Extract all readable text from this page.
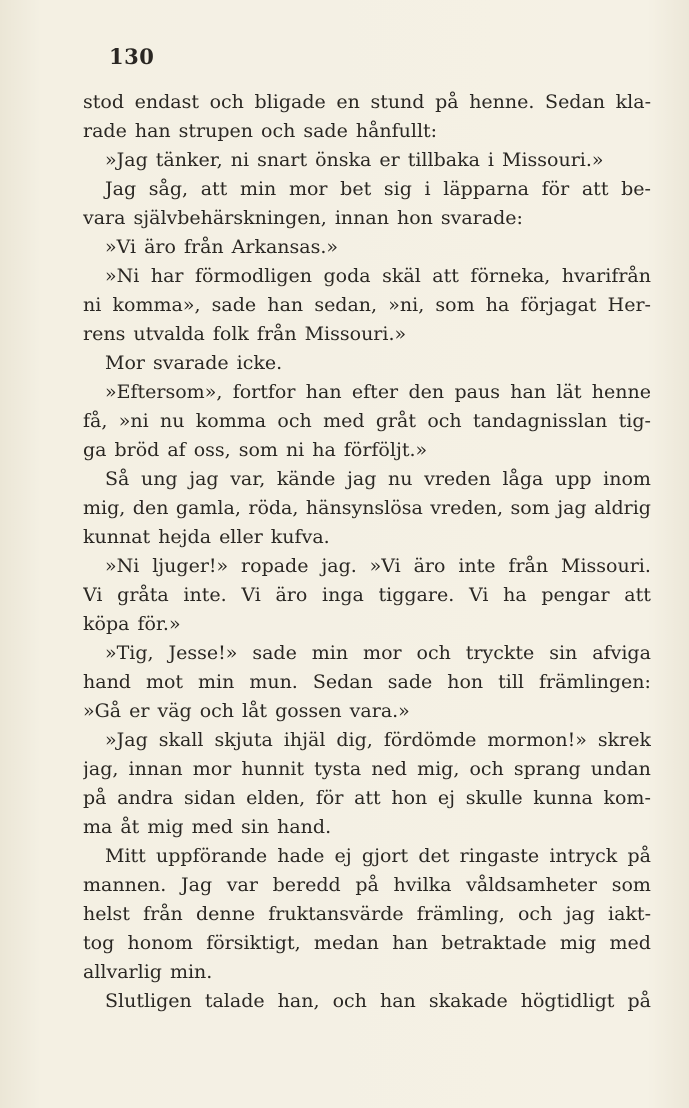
130
stod endast och bligade en stund på henne. Sedan kla-
rade han strupen och sade hånfullt:
»Jag tänker, ni snart önska er tillbaka i Missouri.»
Jag såg, att min mor bet sig i läpparna för att be-
vara självbehärskningen, innan hon svarade:
»Vi äro från Arkansas.»
»Ni har förmodligen goda skäl att förneka, hvarifrån
ni komma», sade han sedan, »ni, som ha förjagat Her-
rens utvalda folk från Missouri.»
Mor svarade icke.
»Eftersom», fortfor han efter den paus han lät henne
få, »ni nu komma och med gråt och tandagnisslan tig-
ga bröd af oss, som ni ha förföljt.»
Så ung jag var, kände jag nu vreden låga upp inom
mig, den gamla, röda, hänsynslösa vreden, som jag aldrig
kunnat hejda eller kufva.
»Ni ljuger!» ropade jag. »Vi äro inte från Missouri.
Vi gråta inte. Vi äro inga tiggare. Vi ha pengar att
köpa för.»
»Tig, Jesse!» sade min mor och tryckte sin afviga
hand mot min mun. Sedan sade hon till främlingen:
»Gå er väg och låt gossen vara.»
»Jag skall skjuta ihjäl dig, fördömde mormon!» skrek
jag, innan mor hunnit tysta ned mig, och sprang undan
på andra sidan elden, för att hon ej skulle kunna kom-
ma åt mig med sin hand.
Mitt uppförande hade ej gjort det ringaste intryck på
mannen. Jag var beredd på hvilka våldsamheter som
helst från denne fruktansvärde främling, och jag iakt-
tog honom försiktigt, medan han betraktade mig med
allvarlig min.
Slutligen talade han, och han skakade högtidligt på
